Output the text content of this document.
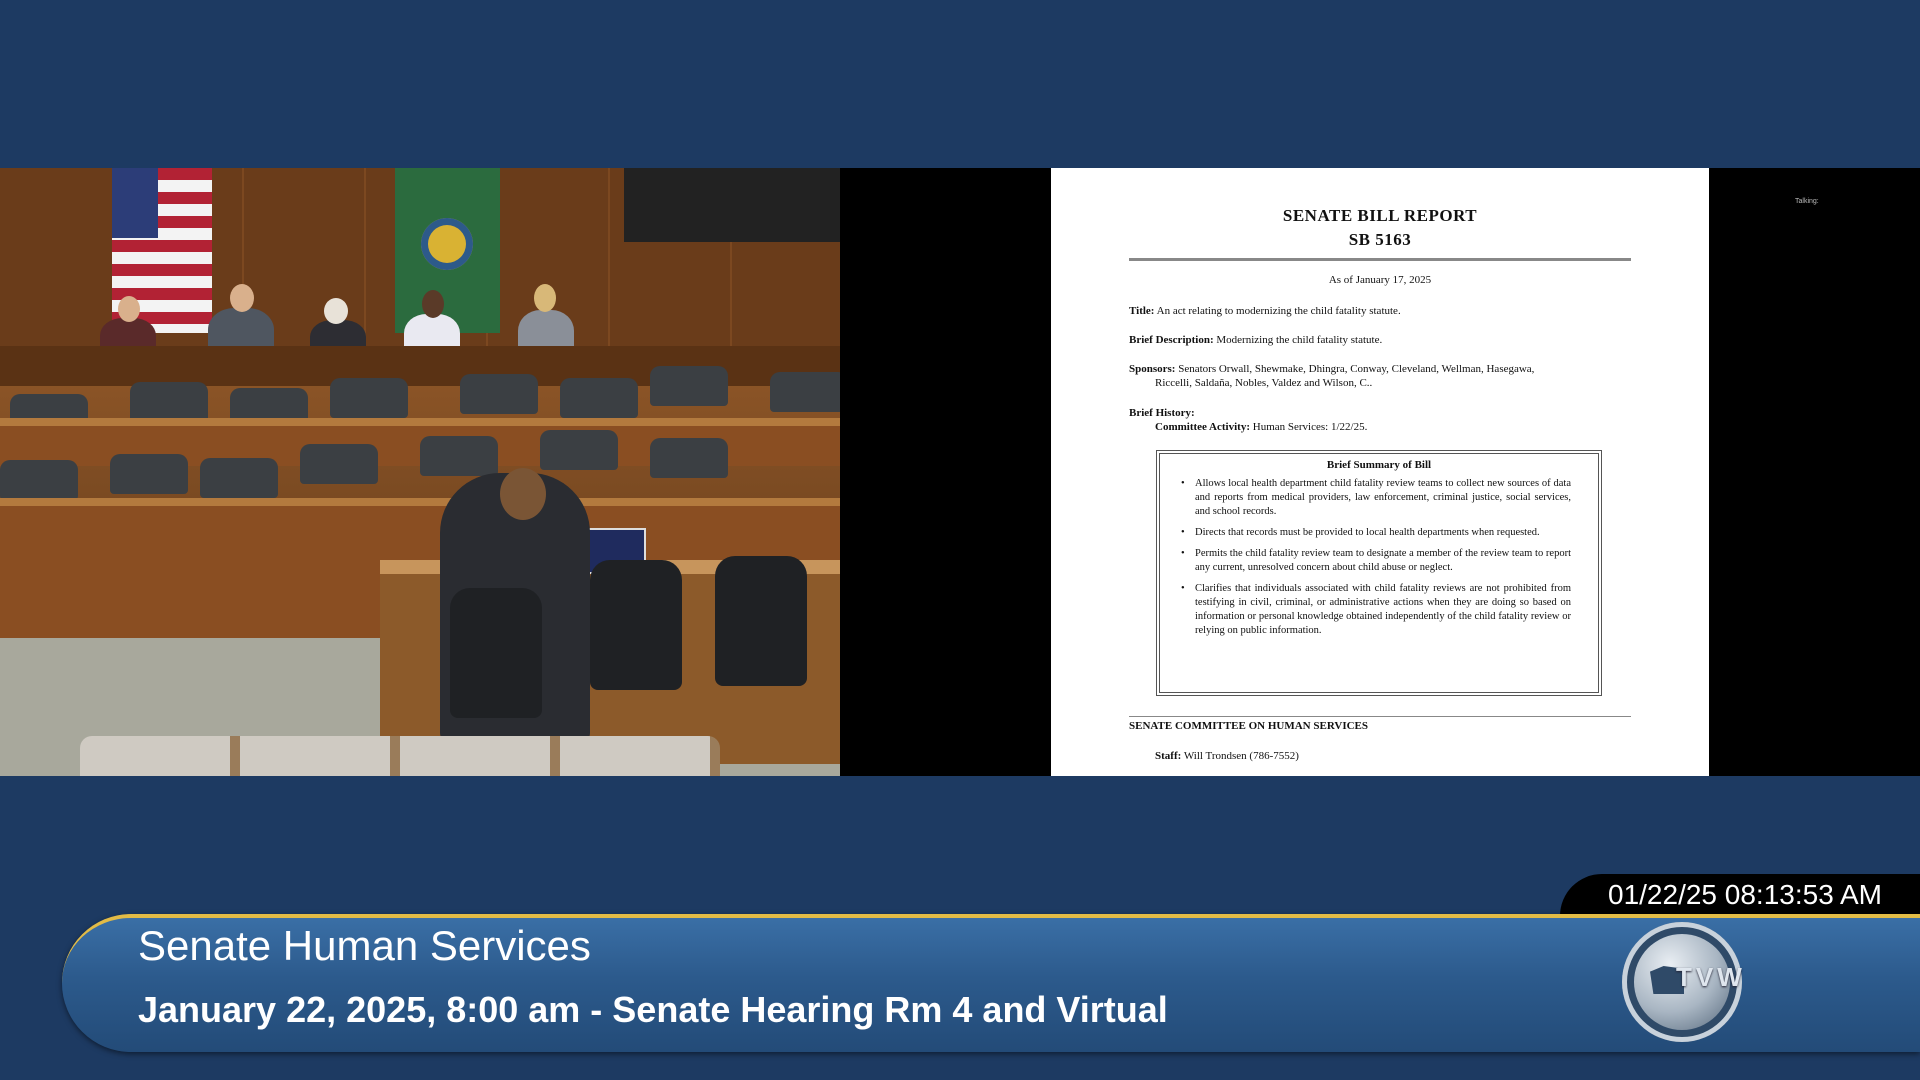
SENATE BILL REPORT
SB 5163
As of January 17, 2025
Title: An act relating to modernizing the child fatality statute.
Brief Description: Modernizing the child fatality statute.
Sponsors: Senators Orwall, Shewmake, Dhingra, Conway, Cleveland, Wellman, Hasegawa,
Riccelli, Saldaña, Nobles, Valdez and Wilson, C..
Brief History:
Committee Activity: Human Services: 1/22/25.
Brief Summary of Bill
• Allows local health department child fatality review teams to collect new sources of data and reports from medical providers, law enforcement, criminal justice, social services, and school records.
• Directs that records must be provided to local health departments when requested.
• Permits the child fatality review team to designate a member of the review team to report any current, unresolved concern about child abuse or neglect.
• Clarifies that individuals associated with child fatality reviews are not prohibited from testifying in civil, criminal, or administrative actions when they are doing so based on information or personal knowledge obtained independently of the child fatality review or relying on public information.
SENATE COMMITTEE ON HUMAN SERVICES
Staff: Will Trondsen (786-7552)
Talking:
01/22/25 08:13:53 AM
Senate Human Services
January 22, 2025, 8:00 am - Senate Hearing Rm 4 and Virtual
TVW
